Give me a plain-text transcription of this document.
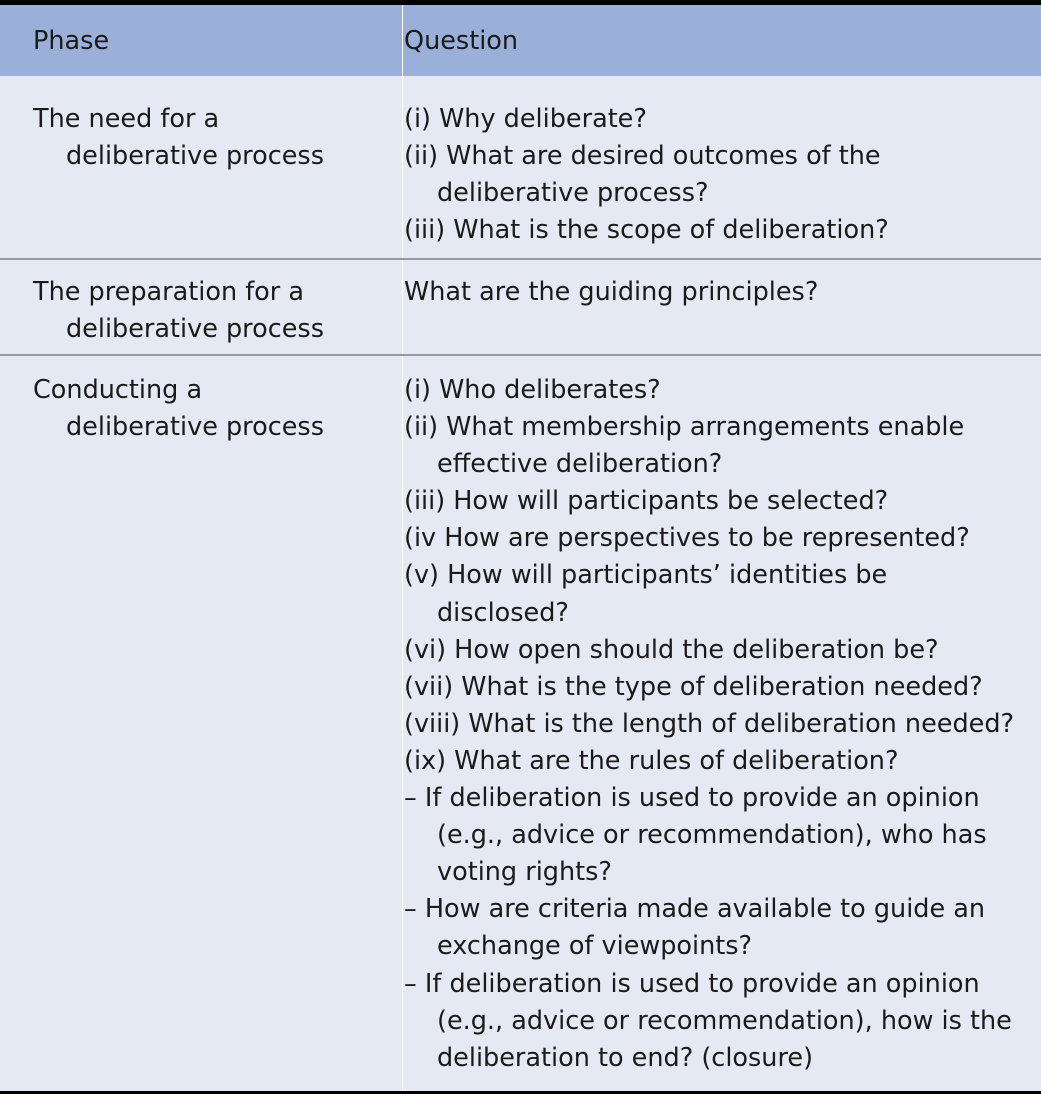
Phase	Question
The need for a
deliberative process
(i) Why deliberate?
(ii) What are desired outcomes of the
deliberative process?
(iii) What is the scope of deliberation?
The preparation for a
deliberative process
What are the guiding principles?
Conducting a
deliberative process
(i) Who deliberates?
(ii) What membership arrangements enable
effective deliberation?
(iii) How will participants be selected?
(iv How are perspectives to be represented?
(v) How will participants’ identities be
disclosed?
(vi) How open should the deliberation be?
(vii) What is the type of deliberation needed?
(viii) What is the length of deliberation needed?
(ix) What are the rules of deliberation?
– If deliberation is used to provide an opinion
(e.g., advice or recommendation), who has
voting rights?
– How are criteria made available to guide an
exchange of viewpoints?
– If deliberation is used to provide an opinion
(e.g., advice or recommendation), how is the
deliberation to end? (closure)
